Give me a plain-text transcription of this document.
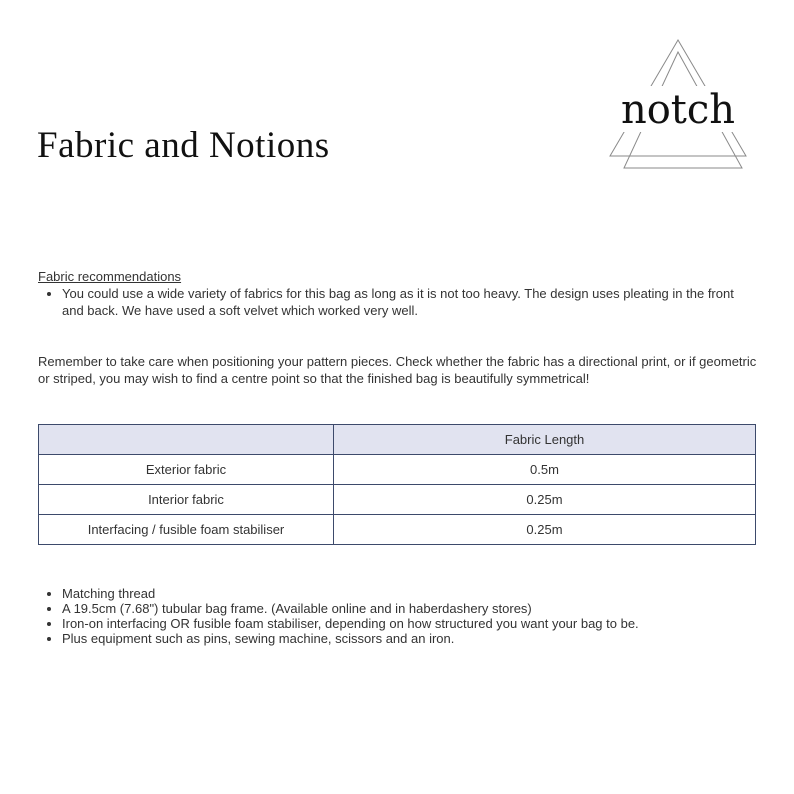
Fabric and Notions
notch
Fabric recommendations
• You could use a wide variety of fabrics for this bag as long as it is not too heavy. The design uses pleating in the front and back. We have used a soft velvet which worked very well.
Remember to take care when positioning your pattern pieces. Check whether the fabric has a directional print, or if geometric or striped, you may wish to find a centre point so that the finished bag is beautifully symmetrical!
	Fabric Length
Exterior fabric	0.5m
Interior fabric	0.25m
Interfacing / fusible foam stabiliser	0.25m
• Matching thread
• A 19.5cm (7.68") tubular bag frame. (Available online and in haberdashery stores)
• Iron-on interfacing OR fusible foam stabiliser, depending on how structured you want your bag to be.
• Plus equipment such as pins, sewing machine, scissors and an iron.
